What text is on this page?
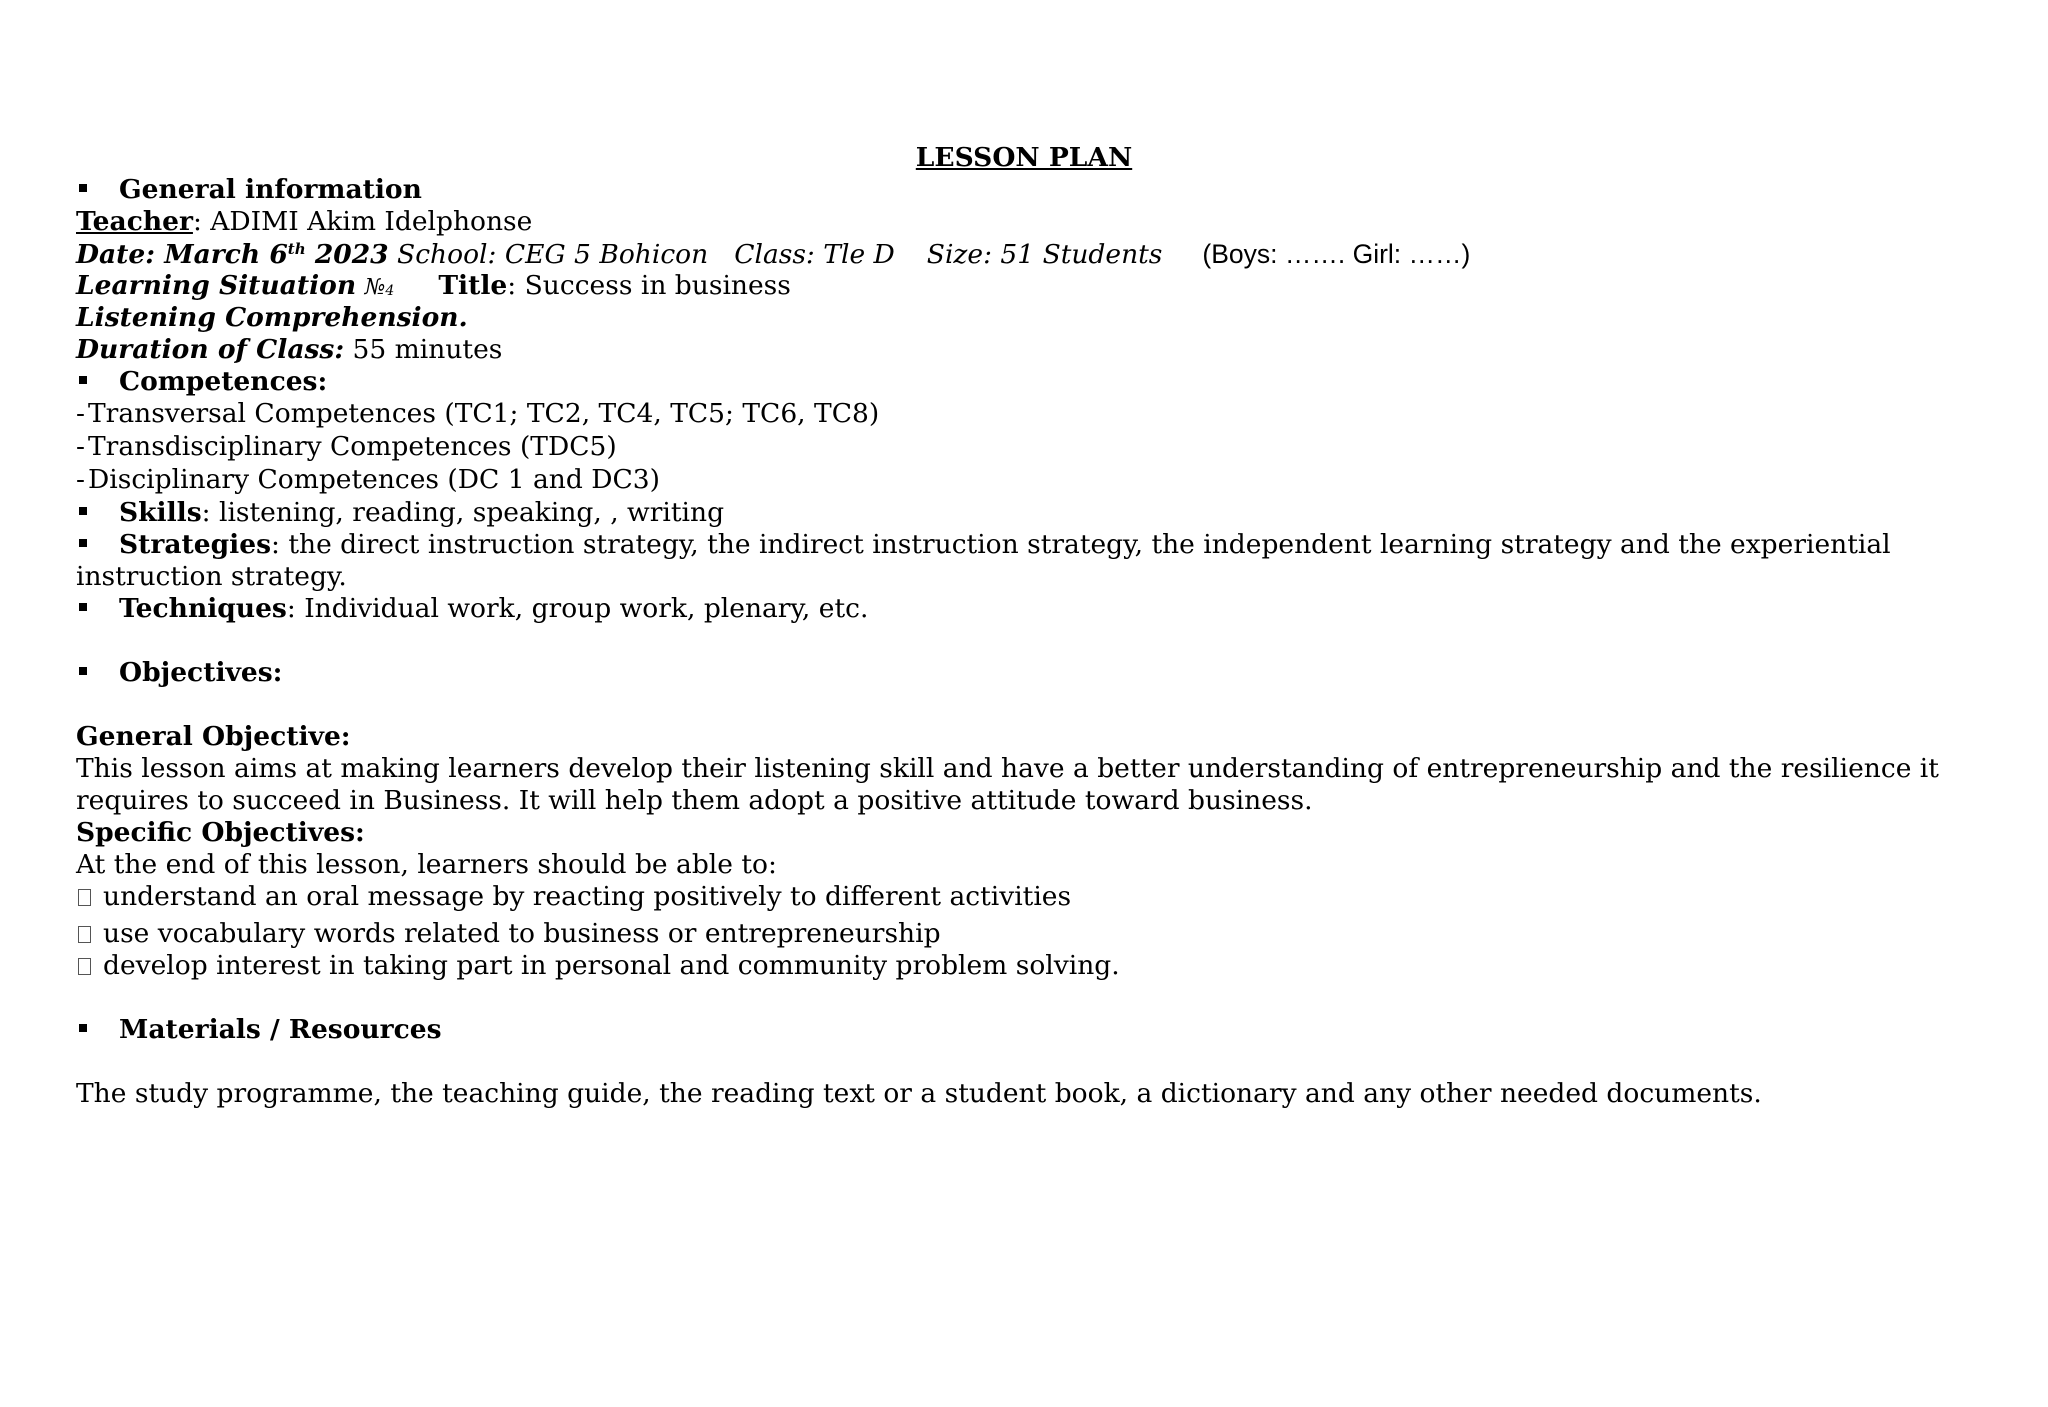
LESSON PLAN
General information
Teacher: ADIMI Akim Idelphonse
Date: March 6th 2023 School: CEG 5 Bohicon Class: Tle D Size: 51 Students (Boys: ……. Girl: ……)
Learning Situation $№_4$ Title: Success in business
Listening Comprehension.
Duration of Class: 55 minutes
Competences:
- Transversal Competences (TC1; TC2, TC4, TC5; TC6, TC8)
- Transdisciplinary Competences (TDC5)
- Disciplinary Competences (DC 1 and DC3)
Skills: listening, reading, speaking, , writing
Strategies: the direct instruction strategy, the indirect instruction strategy, the independent learning strategy and the experiential
instruction strategy.
Techniques: Individual work, group work, plenary, etc.
Objectives:
General Objective:
This lesson aims at making learners develop their listening skill and have a better understanding of entrepreneurship and the resilience it
requires to succeed in Business. It will help them adopt a positive attitude toward business.
Specific Objectives:
At the end of this lesson, learners should be able to:
understand an oral message by reacting positively to different activities
use vocabulary words related to business or entrepreneurship
develop interest in taking part in personal and community problem solving.
Materials / Resources
The study programme, the teaching guide, the reading text or a student book, a dictionary and any other needed documents.
